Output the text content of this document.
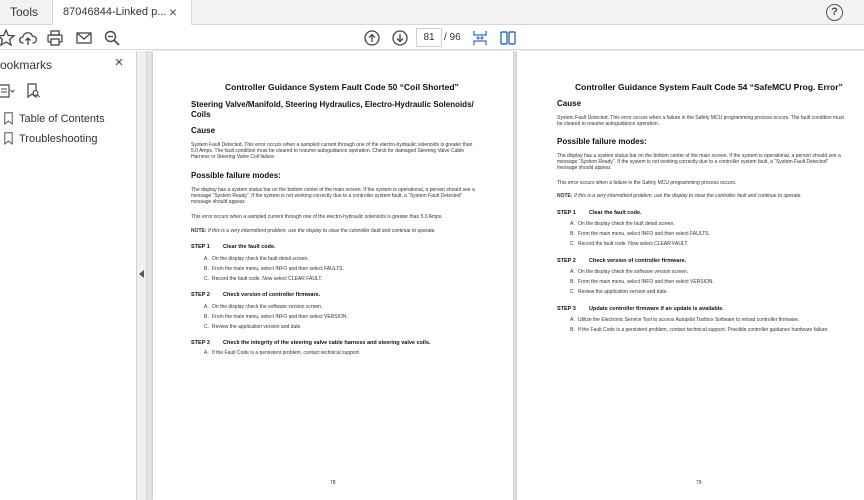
Tools	87046844-Linked p... ×	?
81 / 96
ookmarks	×
Table of Contents
Troubleshooting
Controller Guidance System Fault Code 50 “Coil Shorted”
Steering Valve/Manifold, Steering Hydraulics, Electro-Hydraulic Solenoids/ Coils
Cause
System Fault Detected. This error occurs when a sampled current through one of the electro-hydraulic solenoids is greater than 5.0 Amps. The fault condition must be cleared to resume autoguidance operation. Check for damaged Steering Valve Cable Harness or Steering Valve Coil failure.
Possible failure modes:
The display has a system status bar on the bottom center of the main screen. If the system is operational, a person should see a message “System Ready”. If the system is not working correctly due to a controller system fault, a “System Fault Detected” message should appear.
This error occurs when a sampled current through one of the electro-hydraulic solenoids is greater than 5.0 Amps.
NOTE: If this is a very intermittent problem, use the display to clear the controller fault and continue to operate.
STEP 1 Clear the fault code.
A. On the display check the fault detail screen.
B. From the main menu, select INFO and then select FAULTS.
C. Record the fault code. Now select CLEAR FAULT.
STEP 2 Check version of controller firmware.
A. On the display check the software version screen.
B. From the main menu, select INFO and then select VERSION.
C. Review the application version and date.
STEP 3 Check the integrity of the steering valve cable harness and steering valve coils.
A. If the Fault Code is a persistent problem, contact technical support.
78
Controller Guidance System Fault Code 54 “SafeMCU Prog. Error”
Cause
System Fault Detected. This error occurs when a failure in the Safety MCU programming process occurs. The fault condition must be cleared to resume autoguidance operation.
Possible failure modes:
The display has a system status bar on the bottom center of the main screen. If the system is operational, a person should see a message “System Ready”. If the system is not working correctly due to a controller system fault, a “System Fault Detected” message should appear.
This error occurs when a failure in the Safety MCU programming process occurs.
NOTE: If this is a very intermittent problem, use the display to clear the controller fault and continue to operate.
STEP 1 Clear the fault code.
A. On the display check the fault detail screen.
B. From the main menu, select INFO and then select FAULTS.
C. Record the fault code. Now select CLEAR FAULT.
STEP 2 Check version of controller firmware.
A. On the display check the software version screen.
B. From the main menu, select INFO and then select VERSION.
C. Review the application version and date.
STEP 3 Update controller firmware if an update is available.
A. Utilize the Electronic Service Tool to access Autopilot Toolbox Software to reload controller firmware.
B. If the Fault Code is a persistent problem, contact technical support. Possible controller guidance hardware failure.
79
